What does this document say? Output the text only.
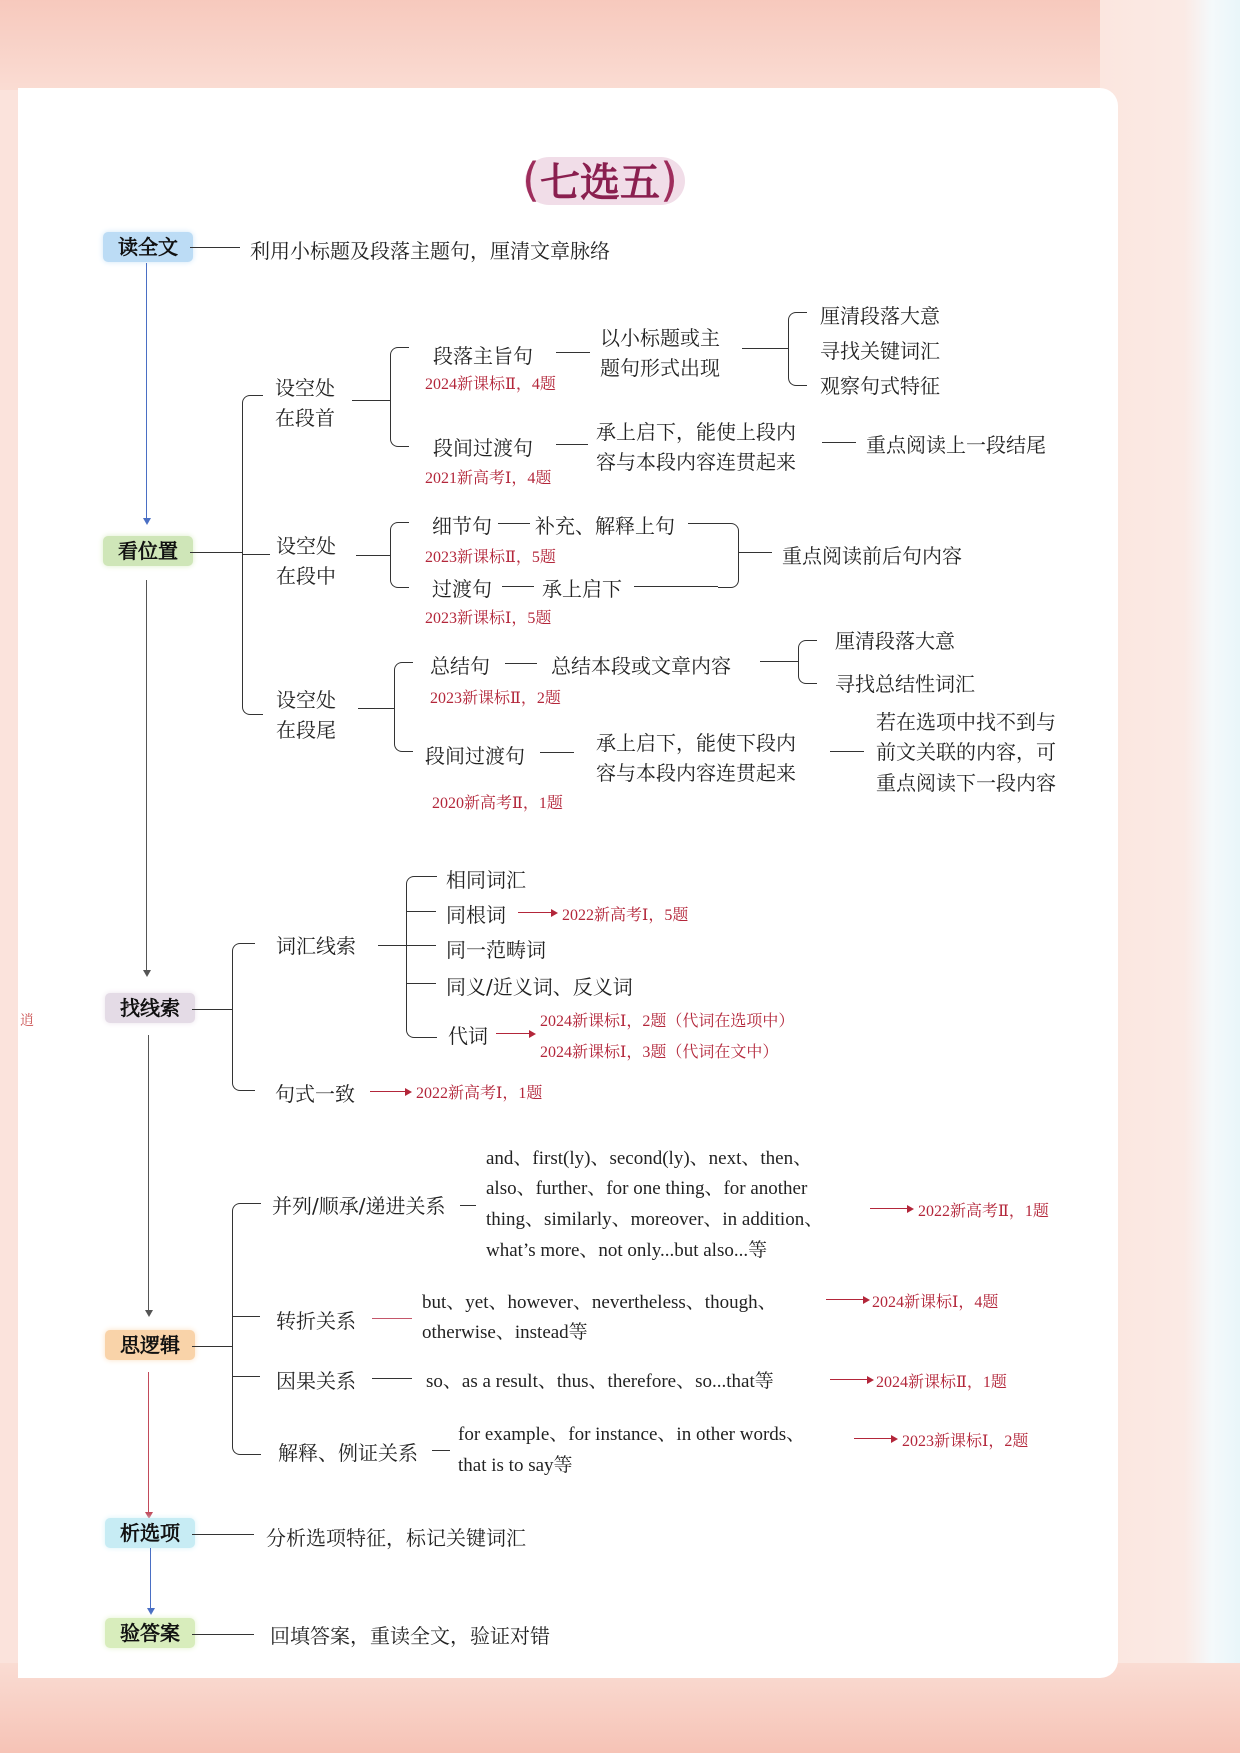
(七选五)
读全文	利用小标题及段落主题句，厘清文章脉络
看位置
找线索
思逻辑
析选项	分析选项特征，标记关键词汇
验答案	回填答案，重读全文，验证对错
设空处
在段首
段落主旨句
2024新课标Ⅱ，4题
以小标题或主
题句形式出现
厘清段落大意
寻找关键词汇
观察句式特征
段间过渡句
2021新高考Ⅰ，4题
承上启下，能使上段内
容与本段内容连贯起来
重点阅读上一段结尾
设空处
在段中
细节句 补充、解释上句
2023新课标Ⅱ，5题
过渡句	承上启下
2023新课标Ⅰ，5题
重点阅读前后句内容
设空处
在段尾
总结句	总结本段或文章内容
2023新课标Ⅱ，2题
厘清段落大意
寻找总结性词汇
段间过渡句
承上启下，能使下段内
容与本段内容连贯起来
2020新高考Ⅱ，1题
若在选项中找不到与
前文关联的内容，可
重点阅读下一段内容
词汇线索
相同词汇
同根词	2022新高考Ⅰ，5题
同一范畴词
同义/近义词、反义词
代词
2024新课标Ⅰ，2题（代词在选项中）
2024新课标Ⅰ，3题（代词在文中）
句式一致	2022新高考Ⅰ，1题
并列/顺承/递进关系
and、first(ly)、second(ly)、next、then、
also、further、for one thing、for another
thing、similarly、moreover、in addition、
what’s more、not only...but also...等
2022新高考Ⅱ，1题
转折关系
but、yet、however、nevertheless、though、
otherwise、instead等
2024新课标Ⅰ，4题
因果关系	so、as a result、thus、therefore、so...that等	2024新课标Ⅱ，1题
解释、例证关系
for example、for instance、in other words、
that is to say等
2023新课标Ⅰ，2题
逍
